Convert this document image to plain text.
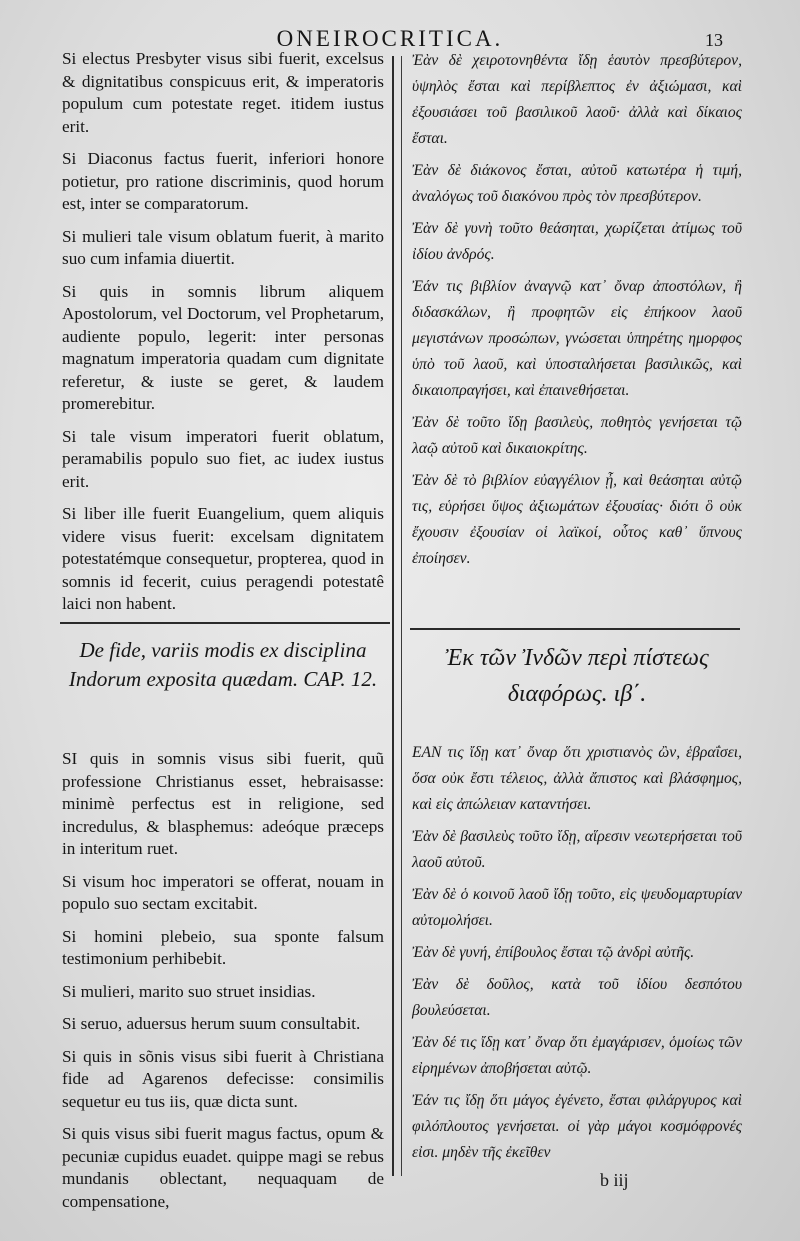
ONEIROCRITICA.	13

Si electus Presbyter visus sibi fuerit, excelsus & dignitatibus conspicuus erit, & imperatoris populum cum potestate reget. itidem iustus erit.

Si Diaconus factus fuerit, inferiori honore potietur, pro ratione discriminis, quod horum est, inter se comparatorum.

Si mulieri tale visum oblatum fuerit, à marito suo cum infamia diuertit.

Si quis in somnis librum aliquem Apostolorum, vel Doctorum, vel Prophetarum, audiente populo, legerit: inter personas magnatum imperatoria quadam cum dignitate referetur, & iuste se geret, & laudem promerebitur.

Si tale visum imperatori fuerit oblatum, peramabilis populo suo fiet, ac iudex iustus erit.

Si liber ille fuerit Euangelium, quem aliquis videre visus fuerit: excelsam dignitatem potestatémque consequetur, propterea, quod in somnis id fecerit, cuius peragendi potestatê laici non habent.

De fide, variis modis ex disciplina Indorum exposita quædam. CAP. 12.

SI quis in somnis visus sibi fuerit, quũ professione Christianus esset, hebraisasse: minimè perfectus est in religione, sed incredulus, & blasphemus: adeóque præceps in interitum ruet.

Si visum hoc imperatori se offerat, nouam in populo suo sectam excitabit.

Si homini plebeio, sua sponte falsum testimonium perhibebit.

Si mulieri, marito suo struet insidias.

Si seruo, aduersus herum suum consultabit.

Si quis in sõnis visus sibi fuerit à Christiana fide ad Agarenos defecisse: consimilis sequetur eu tus iis, quæ dicta sunt.

Si quis visus sibi fuerit magus factus, opum & pecuniæ cupidus euadet. quippe magi se rebus mundanis oblectant, nequaquam de compensatione,

Ἐὰν δὲ χειροτονηθέντα ἴδῃ ἑαυτὸν πρεσβύτερον, ὑψηλὸς ἔσται καὶ περίβλεπτος ἐν ἀξιώμασι, καὶ ἐξουσιάσει τοῦ βασιλικοῦ λαοῦ· ἀλλὰ καὶ δίκαιος ἔσται.

Ἐὰν δὲ διάκονος ἔσται, αὐτοῦ κατωτέρα ἡ τιμή, ἀναλόγως τοῦ διακόνου πρὸς τὸν πρεσβύτερον.

Ἐὰν δὲ γυνὴ τοῦτο θεάσηται, χωρίζεται ἀτίμως τοῦ ἰδίου ἀνδρός.

Ἐάν τις βιβλίον ἀναγνῷ κατ᾽ ὄναρ ἀποστόλων, ἢ διδασκάλων, ἢ προφητῶν εἰς ἐπήκοον λαοῦ μεγιστάνων προσώπων, γνώσεται ὑπηρέτης ημορφος ὑπὸ τοῦ λαοῦ, καὶ ὑποσταλήσεται βασιλικῶς, καὶ δικαιοπραγήσει, καὶ ἐπαινεθήσεται.

Ἐὰν δὲ τοῦτο ἴδῃ βασιλεὺς, ποθητὸς γενήσεται τῷ λαῷ αὐτοῦ καὶ δικαιοκρίτης.

Ἐὰν δὲ τὸ βιβλίον εὐαγγέλιον ᾖ, καὶ θεάσηται αὐτῷ τις, εὑρήσει ὕψος ἀξιωμάτων ἐξουσίας· διότι ὃ οὐκ ἔχουσιν ἐξουσίαν οἱ λαϊκοί, οὗτος καθ᾽ ὕπνους ἐποίησεν.

Ἐκ τῶν Ἰνδῶν περὶ πίστεως διαφόρως. ιβ΄.

ΕΑΝ τις ἴδῃ κατ᾽ ὄναρ ὅτι χριστιανὸς ὢν, ἑβραΐσει, ὅσα οὐκ ἔστι τέλειος, ἀλλὰ ἄπιστος καὶ βλάσφημος, καὶ εἰς ἀπώλειαν καταντήσει.

Ἐὰν δὲ βασιλεὺς τοῦτο ἴδῃ, αἵρεσιν νεωτερήσεται τοῦ λαοῦ αὐτοῦ.

Ἐὰν δὲ ὁ κοινοῦ λαοῦ ἴδῃ τοῦτο, εἰς ψευδομαρτυρίαν αὐτομολήσει.

Ἐὰν δὲ γυνή, ἐπίβουλος ἔσται τῷ ἀνδρὶ αὐτῆς.

Ἐὰν δὲ δοῦλος, κατὰ τοῦ ἰδίου δεσπότου βουλεύσεται.

Ἐὰν δέ τις ἴδῃ κατ᾽ ὄναρ ὅτι ἐμαγάρισεν, ὁμοίως τῶν εἰρημένων ἀποβήσεται αὐτῷ.

Ἐάν τις ἴδῃ ὅτι μάγος ἐγένετο, ἔσται φιλάργυρος καὶ φιλόπλουτος γενήσεται. οἱ γὰρ μάγοι κοσμόφρονές εἰσι. μηδὲν τῆς ἐκεῖθεν

b iij
